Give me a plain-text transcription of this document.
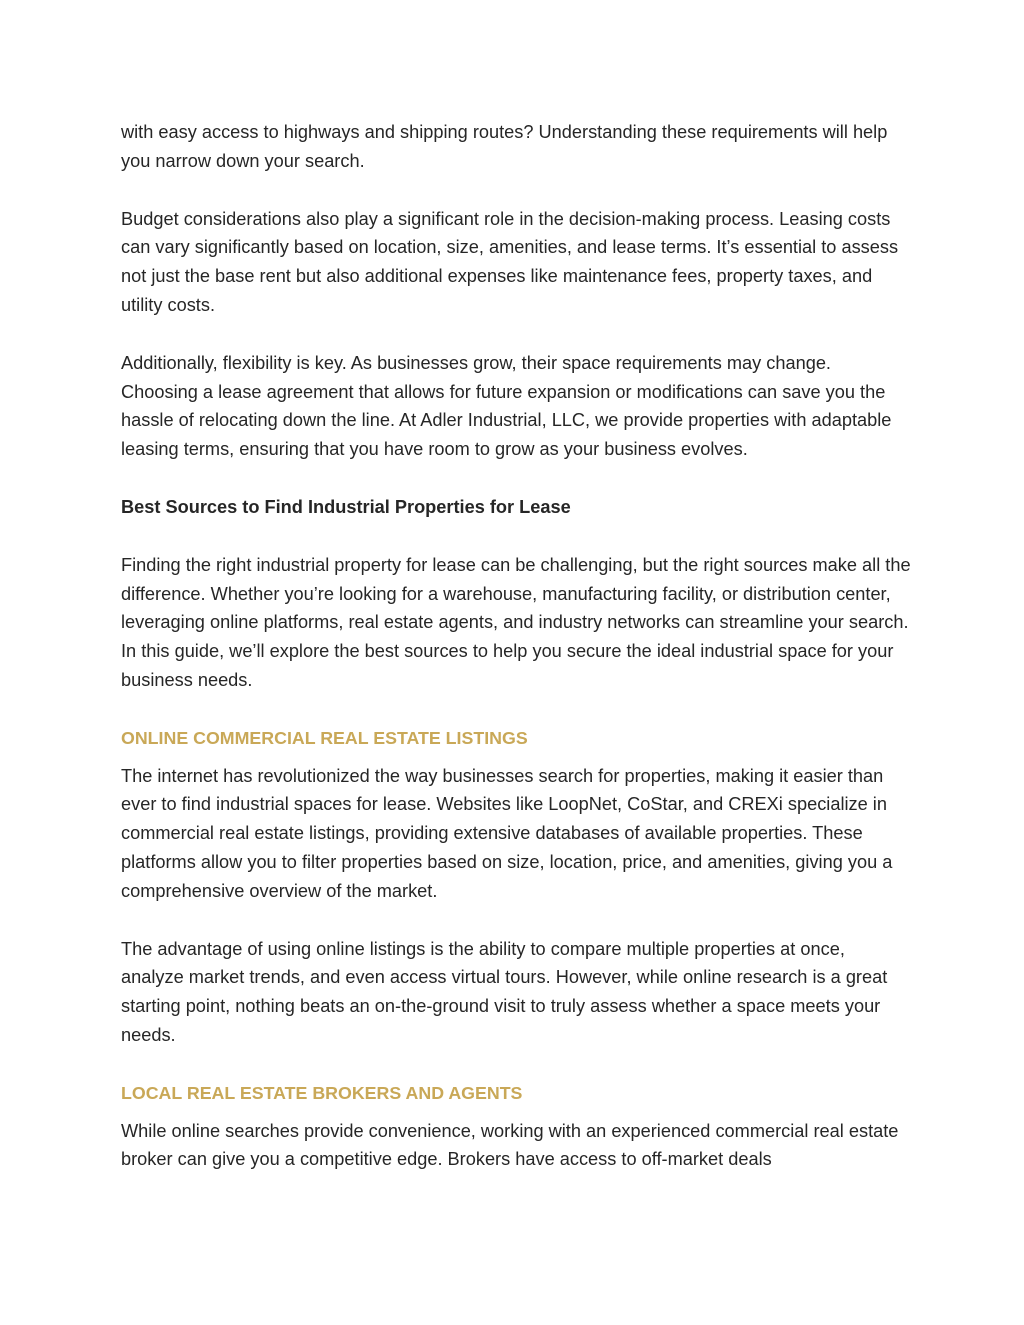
with easy access to highways and shipping routes? Understanding these requirements will help you narrow down your search.

Budget considerations also play a significant role in the decision-making process. Leasing costs can vary significantly based on location, size, amenities, and lease terms. It’s essential to assess not just the base rent but also additional expenses like maintenance fees, property taxes, and utility costs.

Additionally, flexibility is key. As businesses grow, their space requirements may change. Choosing a lease agreement that allows for future expansion or modifications can save you the hassle of relocating down the line. At Adler Industrial, LLC, we provide properties with adaptable leasing terms, ensuring that you have room to grow as your business evolves.

Best Sources to Find Industrial Properties for Lease

Finding the right industrial property for lease can be challenging, but the right sources make all the difference. Whether you’re looking for a warehouse, manufacturing facility, or distribution center, leveraging online platforms, real estate agents, and industry networks can streamline your search. In this guide, we’ll explore the best sources to help you secure the ideal industrial space for your business needs.

ONLINE COMMERCIAL REAL ESTATE LISTINGS

The internet has revolutionized the way businesses search for properties, making it easier than ever to find industrial spaces for lease. Websites like LoopNet, CoStar, and CREXi specialize in commercial real estate listings, providing extensive databases of available properties. These platforms allow you to filter properties based on size, location, price, and amenities, giving you a comprehensive overview of the market.

The advantage of using online listings is the ability to compare multiple properties at once, analyze market trends, and even access virtual tours. However, while online research is a great starting point, nothing beats an on-the-ground visit to truly assess whether a space meets your needs.

LOCAL REAL ESTATE BROKERS AND AGENTS

While online searches provide convenience, working with an experienced commercial real estate broker can give you a competitive edge. Brokers have access to off-market deals
